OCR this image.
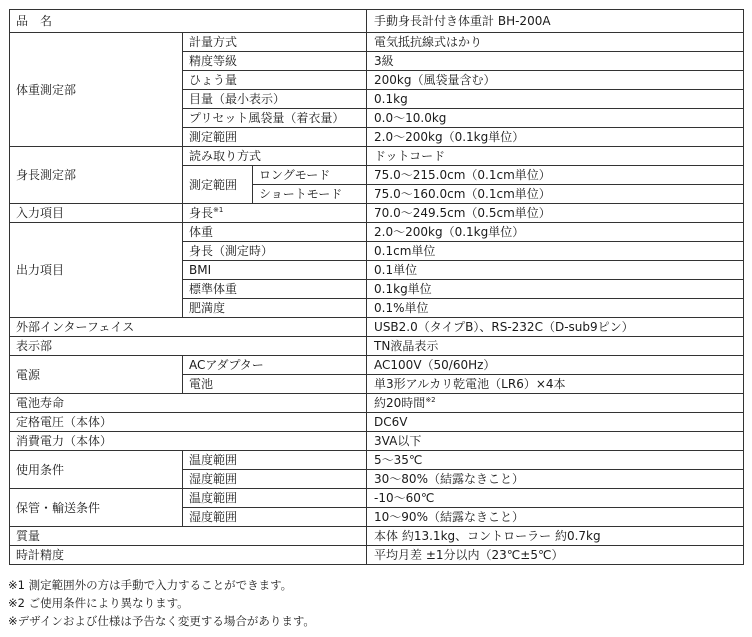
品　名			手動身長計付き体重計 BH-200A
体重測定部	計量方式		電気抵抗線式はかり
	精度等級		3級
	ひょう量		200kg（風袋量含む）
	目量（最小表示）		0.1kg
	プリセット風袋量（着衣量）		0.0～10.0kg
	測定範囲		2.0～200kg（0.1kg単位）
身長測定部	読み取り方式		ドットコード
	測定範囲	ロングモード	75.0～215.0cm（0.1cm単位）
		ショートモード	75.0～160.0cm（0.1cm単位）
入力項目	身長$^{※1}$		70.0～249.5cm（0.5cm単位）
出力項目	体重		2.0～200kg（0.1kg単位）
	身長（測定時）		0.1cm単位
	BMI		0.1単位
	標準体重		0.1kg単位
	肥満度		0.1%単位
外部インターフェイス			USB2.0（タイプB）、RS-232C（D-sub9ピン）
表示部			TN液晶表示
電源	ACアダプター		AC100V（50/60Hz）
	電池		単3形アルカリ乾電池（LR6）×4本
電池寿命			約20時間$^{※2}$
定格電圧（本体）			DC6V
消費電力（本体）			3VA以下
使用条件	温度範囲		5～35℃
	湿度範囲		30～80%（結露なきこと）
保管・輸送条件	温度範囲		-10～60℃
	湿度範囲		10～90%（結露なきこと）
質量			本体 約13.1kg、コントローラー 約0.7kg
時計精度			平均月差 ±1分以内（23℃±5℃）
※1 測定範囲外の方は手動で入力することができます。
※2 ご使用条件により異なります。
※デザインおよび仕様は予告なく変更する場合があります。
